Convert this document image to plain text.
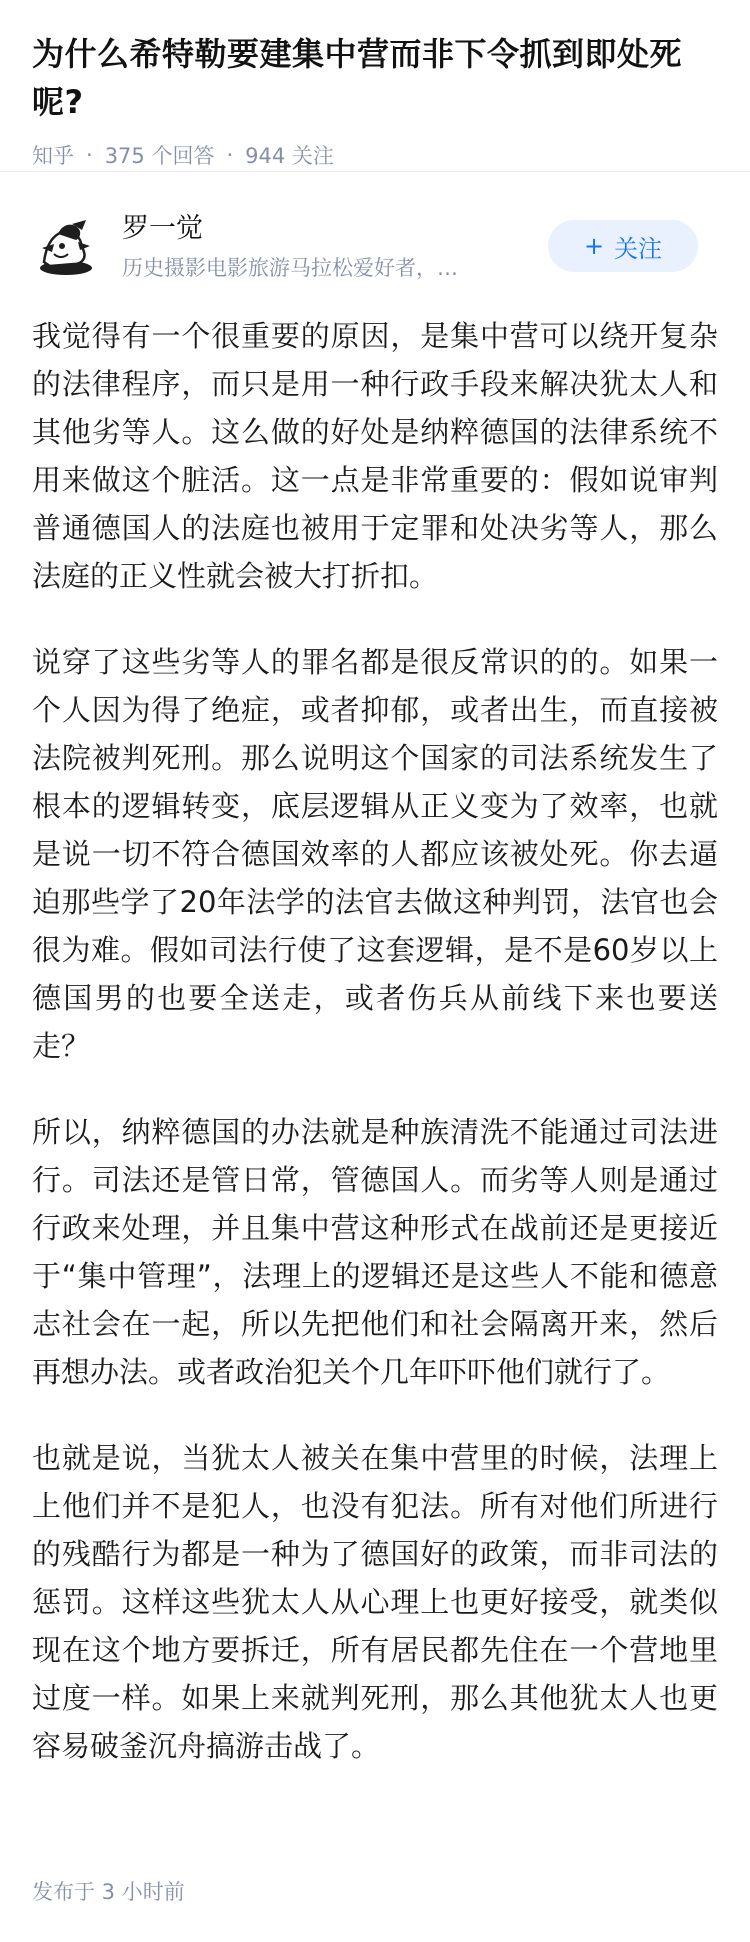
为什么希特勒要建集中营而非下令抓到即处死呢?
知乎 · 375 个回答 · 944 关注
罗一觉
历史摄影电影旅游马拉松爱好者，…
+ 关注

我觉得有一个很重要的原因，是集中营可以绕开复杂的法律程序，而只是用一种行政手段来解决犹太人和其他劣等人。这么做的好处是纳粹德国的法律系统不用来做这个脏活。这一点是非常重要的：假如说审判普通德国人的法庭也被用于定罪和处决劣等人，那么法庭的正义性就会被大打折扣。

说穿了这些劣等人的罪名都是很反常识的的。如果一个人因为得了绝症，或者抑郁，或者出生，而直接被法院被判死刑。那么说明这个国家的司法系统发生了根本的逻辑转变，底层逻辑从正义变为了效率，也就是说一切不符合德国效率的人都应该被处死。你去逼迫那些学了20年法学的法官去做这种判罚，法官也会很为难。假如司法行使了这套逻辑，是不是60岁以上德国男的也要全送走，或者伤兵从前线下来也要送走？

所以，纳粹德国的办法就是种族清洗不能通过司法进行。司法还是管日常，管德国人。而劣等人则是通过行政来处理，并且集中营这种形式在战前还是更接近于“集中管理”，法理上的逻辑还是这些人不能和德意志社会在一起，所以先把他们和社会隔离开来，然后再想办法。或者政治犯关个几年吓吓他们就行了。

也就是说，当犹太人被关在集中营里的时候，法理上上他们并不是犯人，也没有犯法。所有对他们所进行的残酷行为都是一种为了德国好的政策，而非司法的惩罚。这样这些犹太人从心理上也更好接受，就类似现在这个地方要拆迁，所有居民都先住在一个营地里过度一样。如果上来就判死刑，那么其他犹太人也更容易破釜沉舟搞游击战了。

发布于 3 小时前
